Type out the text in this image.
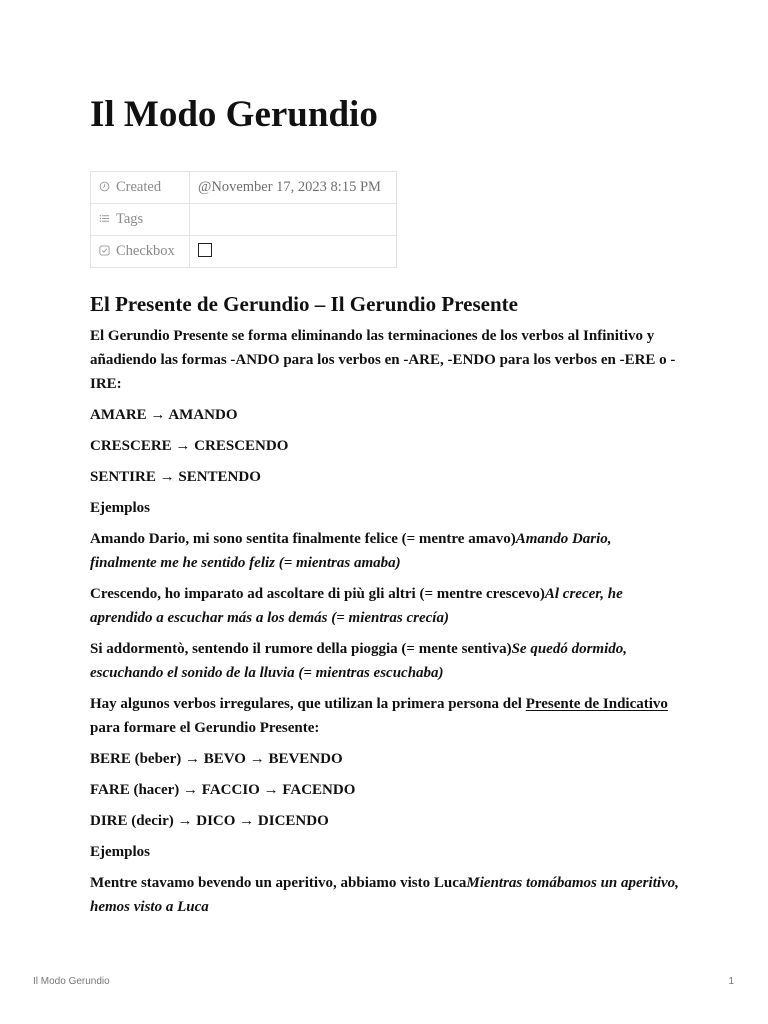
Il Modo Gerundio
Created	@November 17, 2023 8:15 PM
Tags	
Checkbox	
El Presente de Gerundio – Il Gerundio Presente

El Gerundio Presente se forma eliminando las terminaciones de los verbos al Infinitivo y añadiendo las formas -ANDO para los verbos en -ARE, -ENDO para los verbos en -ERE o -IRE:

AMARE → AMANDO

CRESCERE → CRESCENDO

SENTIRE → SENTENDO

Ejemplos

Amando Dario, mi sono sentita finalmente felice (= mentre amavo)Amando Dario, finalmente me he sentido feliz (= mientras amaba)

Crescendo, ho imparato ad ascoltare di più gli altri (= mentre crescevo)Al crecer, he aprendido a escuchar más a los demás (= mientras crecía)

Si addormentò, sentendo il rumore della pioggia (= mente sentiva)Se quedó dormido, escuchando el sonido de la lluvia (= mientras escuchaba)

Hay algunos verbos irregulares, que utilizan la primera persona del Presente de Indicativo para formare el Gerundio Presente:

BERE (beber) → BEVO → BEVENDO

FARE (hacer) → FACCIO → FACENDO

DIRE (decir) → DICO → DICENDO

Ejemplos

Mentre stavamo bevendo un aperitivo, abbiamo visto LucaMientras tomábamos un aperitivo, hemos visto a Luca

Il Modo Gerundio	1
